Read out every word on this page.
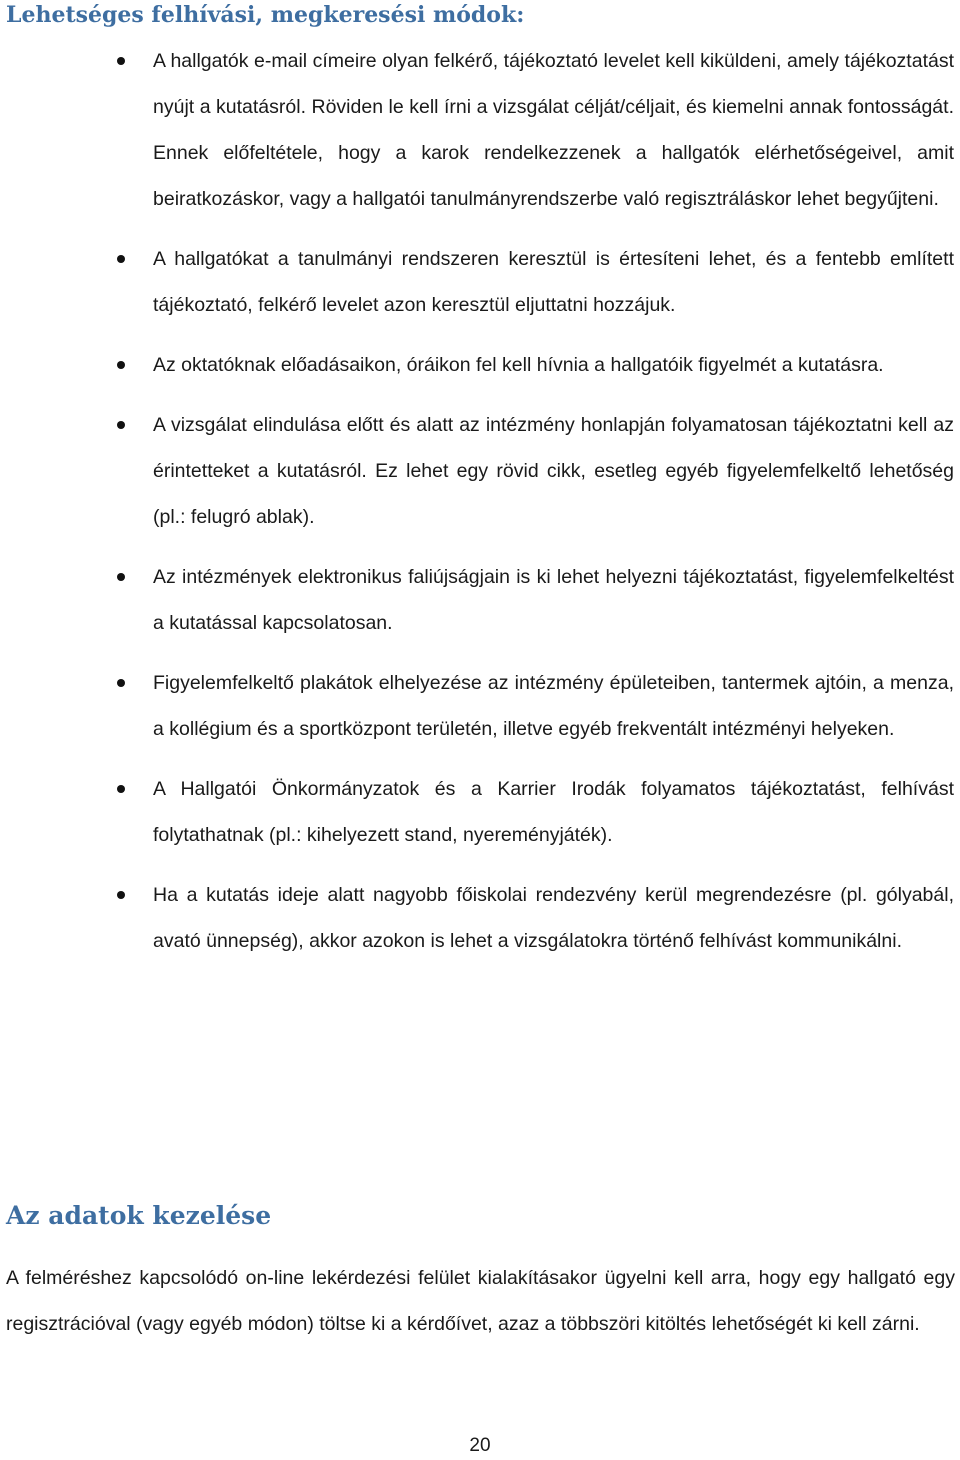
Lehetséges felhívási, megkeresési módok:
A hallgatók e-mail címeire olyan felkérő, tájékoztató levelet kell kiküldeni, amely tájékoztatást nyújt a kutatásról. Röviden le kell írni a vizsgálat célját/céljait, és kiemelni annak fontosságát. Ennek előfeltétele, hogy a karok rendelkezzenek a hallgatók elérhetőségeivel, amit beiratkozáskor, vagy a hallgatói tanulmányrendszerbe való regisztráláskor lehet begyűjteni.
A hallgatókat a tanulmányi rendszeren keresztül is értesíteni lehet, és a fentebb említett tájékoztató, felkérő levelet azon keresztül eljuttatni hozzájuk.
Az oktatóknak előadásaikon, óráikon fel kell hívnia a hallgatóik figyelmét a kutatásra.
A vizsgálat elindulása előtt és alatt az intézmény honlapján folyamatosan tájékoztatni kell az érintetteket a kutatásról. Ez lehet egy rövid cikk, esetleg egyéb figyelemfelkeltő lehetőség (pl.: felugró ablak).
Az intézmények elektronikus faliújságjain is ki lehet helyezni tájékoztatást, figyelemfelkeltést a kutatással kapcsolatosan.
Figyelemfelkeltő plakátok elhelyezése az intézmény épületeiben, tantermek ajtóin, a menza, a kollégium és a sportközpont területén, illetve egyéb frekventált intézményi helyeken.
A Hallgatói Önkormányzatok és a Karrier Irodák folyamatos tájékoztatást, felhívást folytathatnak (pl.: kihelyezett stand, nyereményjáték).
Ha a kutatás ideje alatt nagyobb főiskolai rendezvény kerül megrendezésre (pl. gólyabál, avató ünnepség), akkor azokon is lehet a vizsgálatokra történő felhívást kommunikálni.
Az adatok kezelése

A felméréshez kapcsolódó on-line lekérdezési felület kialakításakor ügyelni kell arra, hogy egy hallgató egy regisztrációval (vagy egyéb módon) töltse ki a kérdőívet, azaz a többszöri kitöltés lehetőségét ki kell zárni.

20
